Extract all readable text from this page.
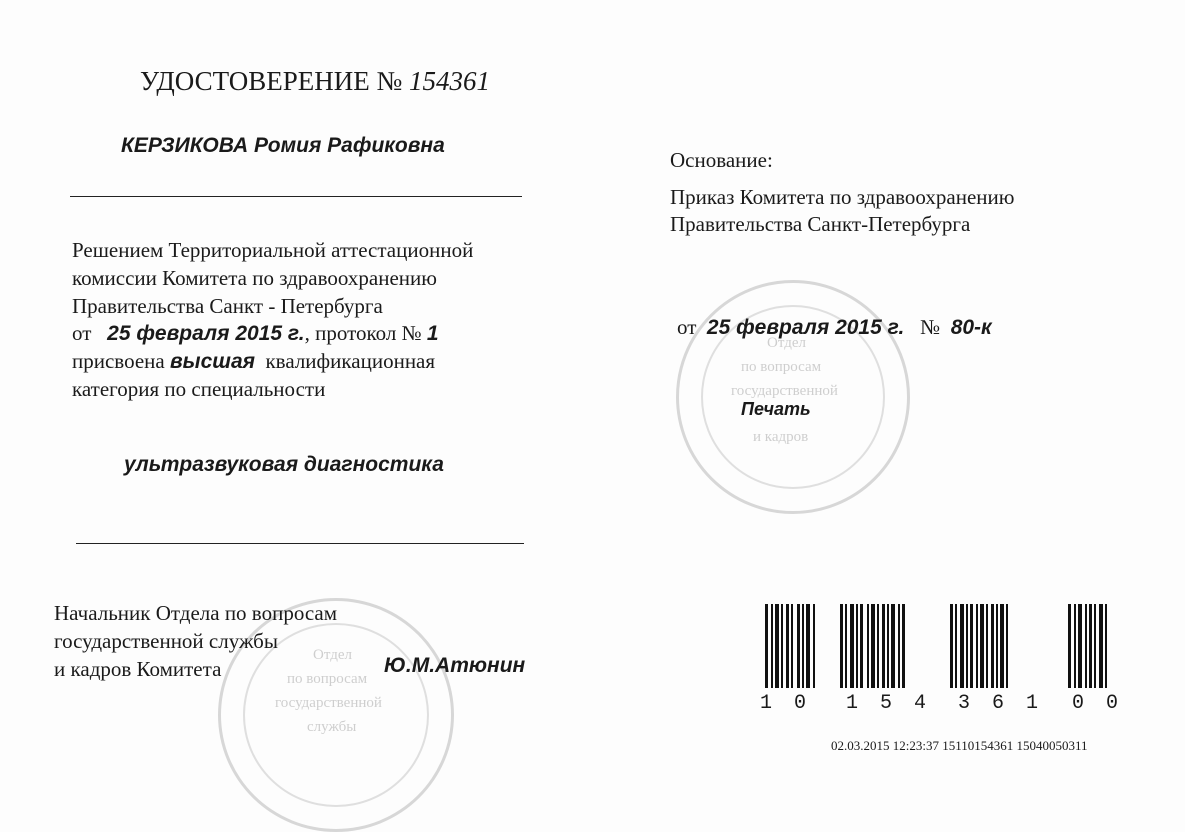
Отдел
по вопросам
государственной
и кадров
Отдел
по вопросам
государственной
службы
УДОСТОВЕРЕНИЕ № 154361
КЕРЗИКОВА Ромия Рафиковна
Решением Территориальной аттестационной
комиссии Комитета по здравоохранению
Правительства Санкт - Петербурга
от 25 февраля 2015 г., протокол № 1
присвоена высшая квалификационная
категория по специальности
ультразвуковая диагностика
Начальник Отдела по вопросам
государственной службы
и кадров Комитета	Ю.М.Атюнин
Основание:
Приказ Комитета по здравоохранению
Правительства Санкт-Петербурга
от 25 февраля 2015 г. № 80-к
Печать
10 154 361 00
02.03.2015 12:23:37 15110154361 15040050311
